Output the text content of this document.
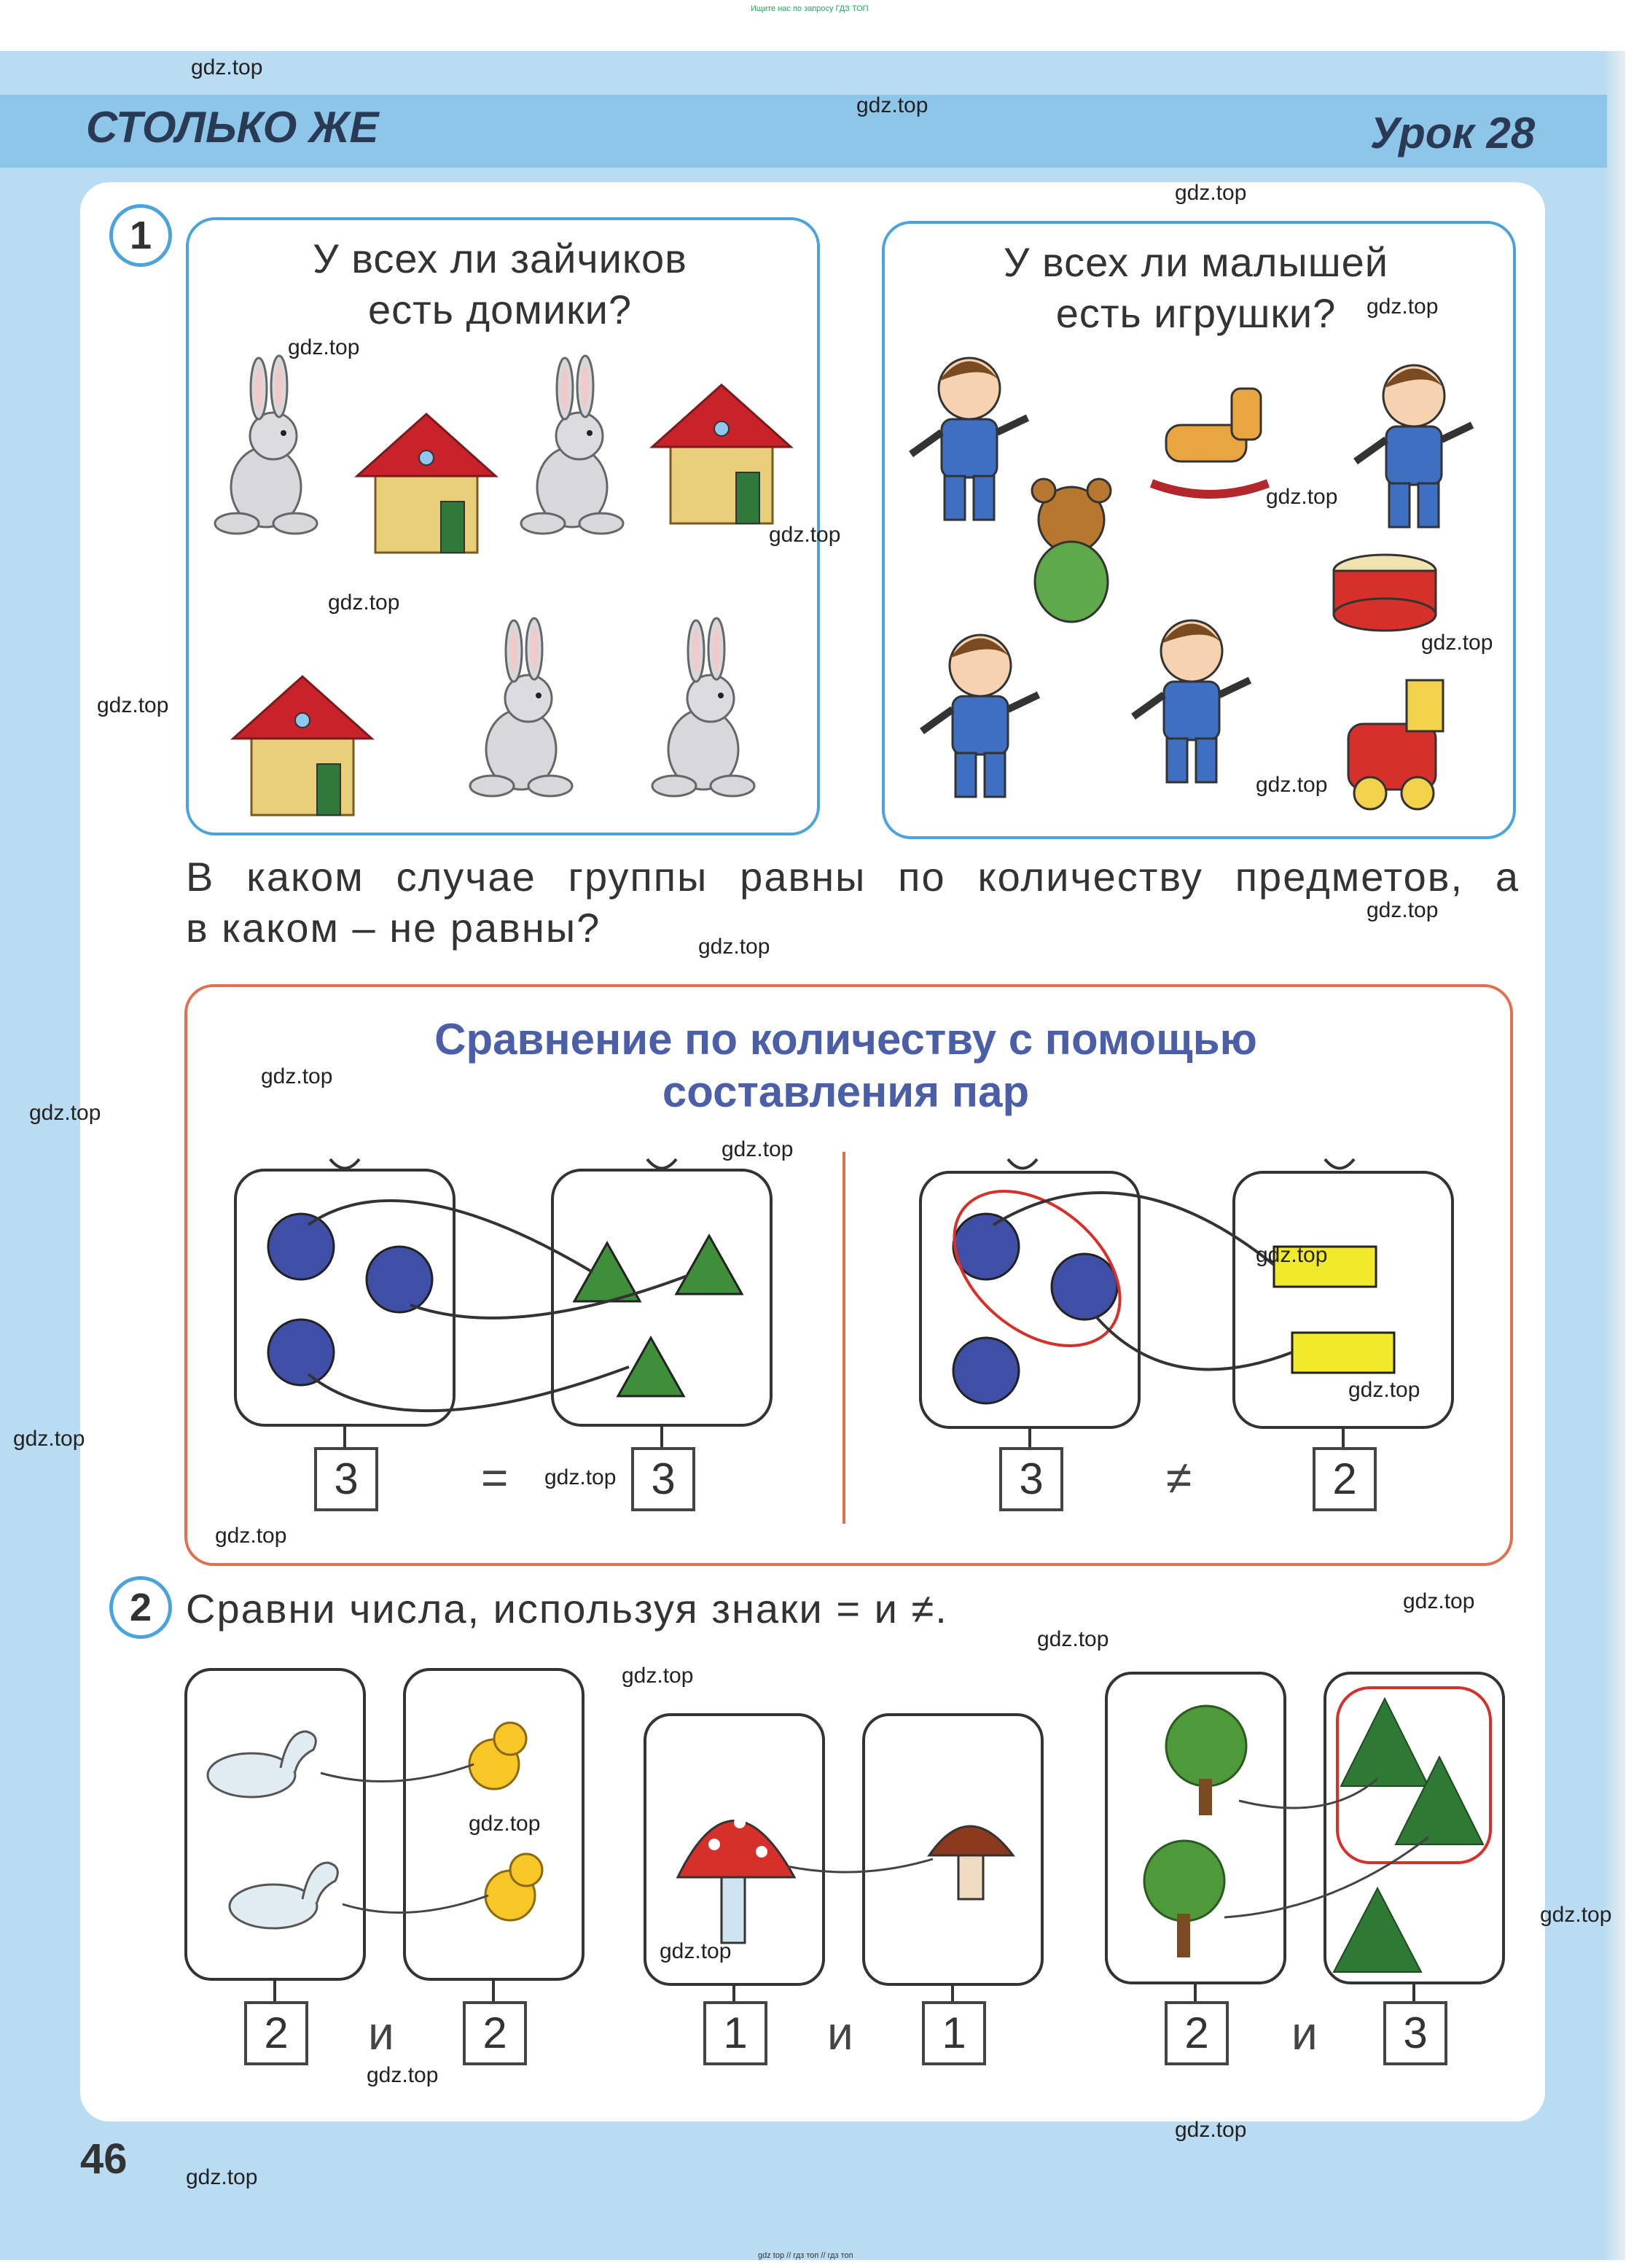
Ищите нас по запросу ГДЗ ТОП
СТОЛЬКО ЖЕ	Урок 28
1	У всех ли зайчиков
есть домики?
У всех ли малышей
есть игрушки?
В каком случае группы равны по количеству предметов, а
в каком – не равны?
Сравнение по количеству с помощью
составления пар
3	=	3	3	≠	2
2 Сравни числа, используя знаки = и ≠.
2	и	2	1	и	1	2	и	3
46
gdz.top
gdz.top
gdz.top
gdz.top
gdz.top
gdz.top
gdz.top
gdz.top
gdz.top
gdz.top
gdz.top
gdz.top
gdz.top
gdz.top
gdz.top
gdz.top
gdz.top
gdz.top
gdz.top
gdz.top
gdz.top
gdz.top
gdz.top
gdz.top
gdz.top
gdz.top
gdz.top
gdz.top
gdz.top
gdz.top
gdz top // гдз топ // гдз топ
